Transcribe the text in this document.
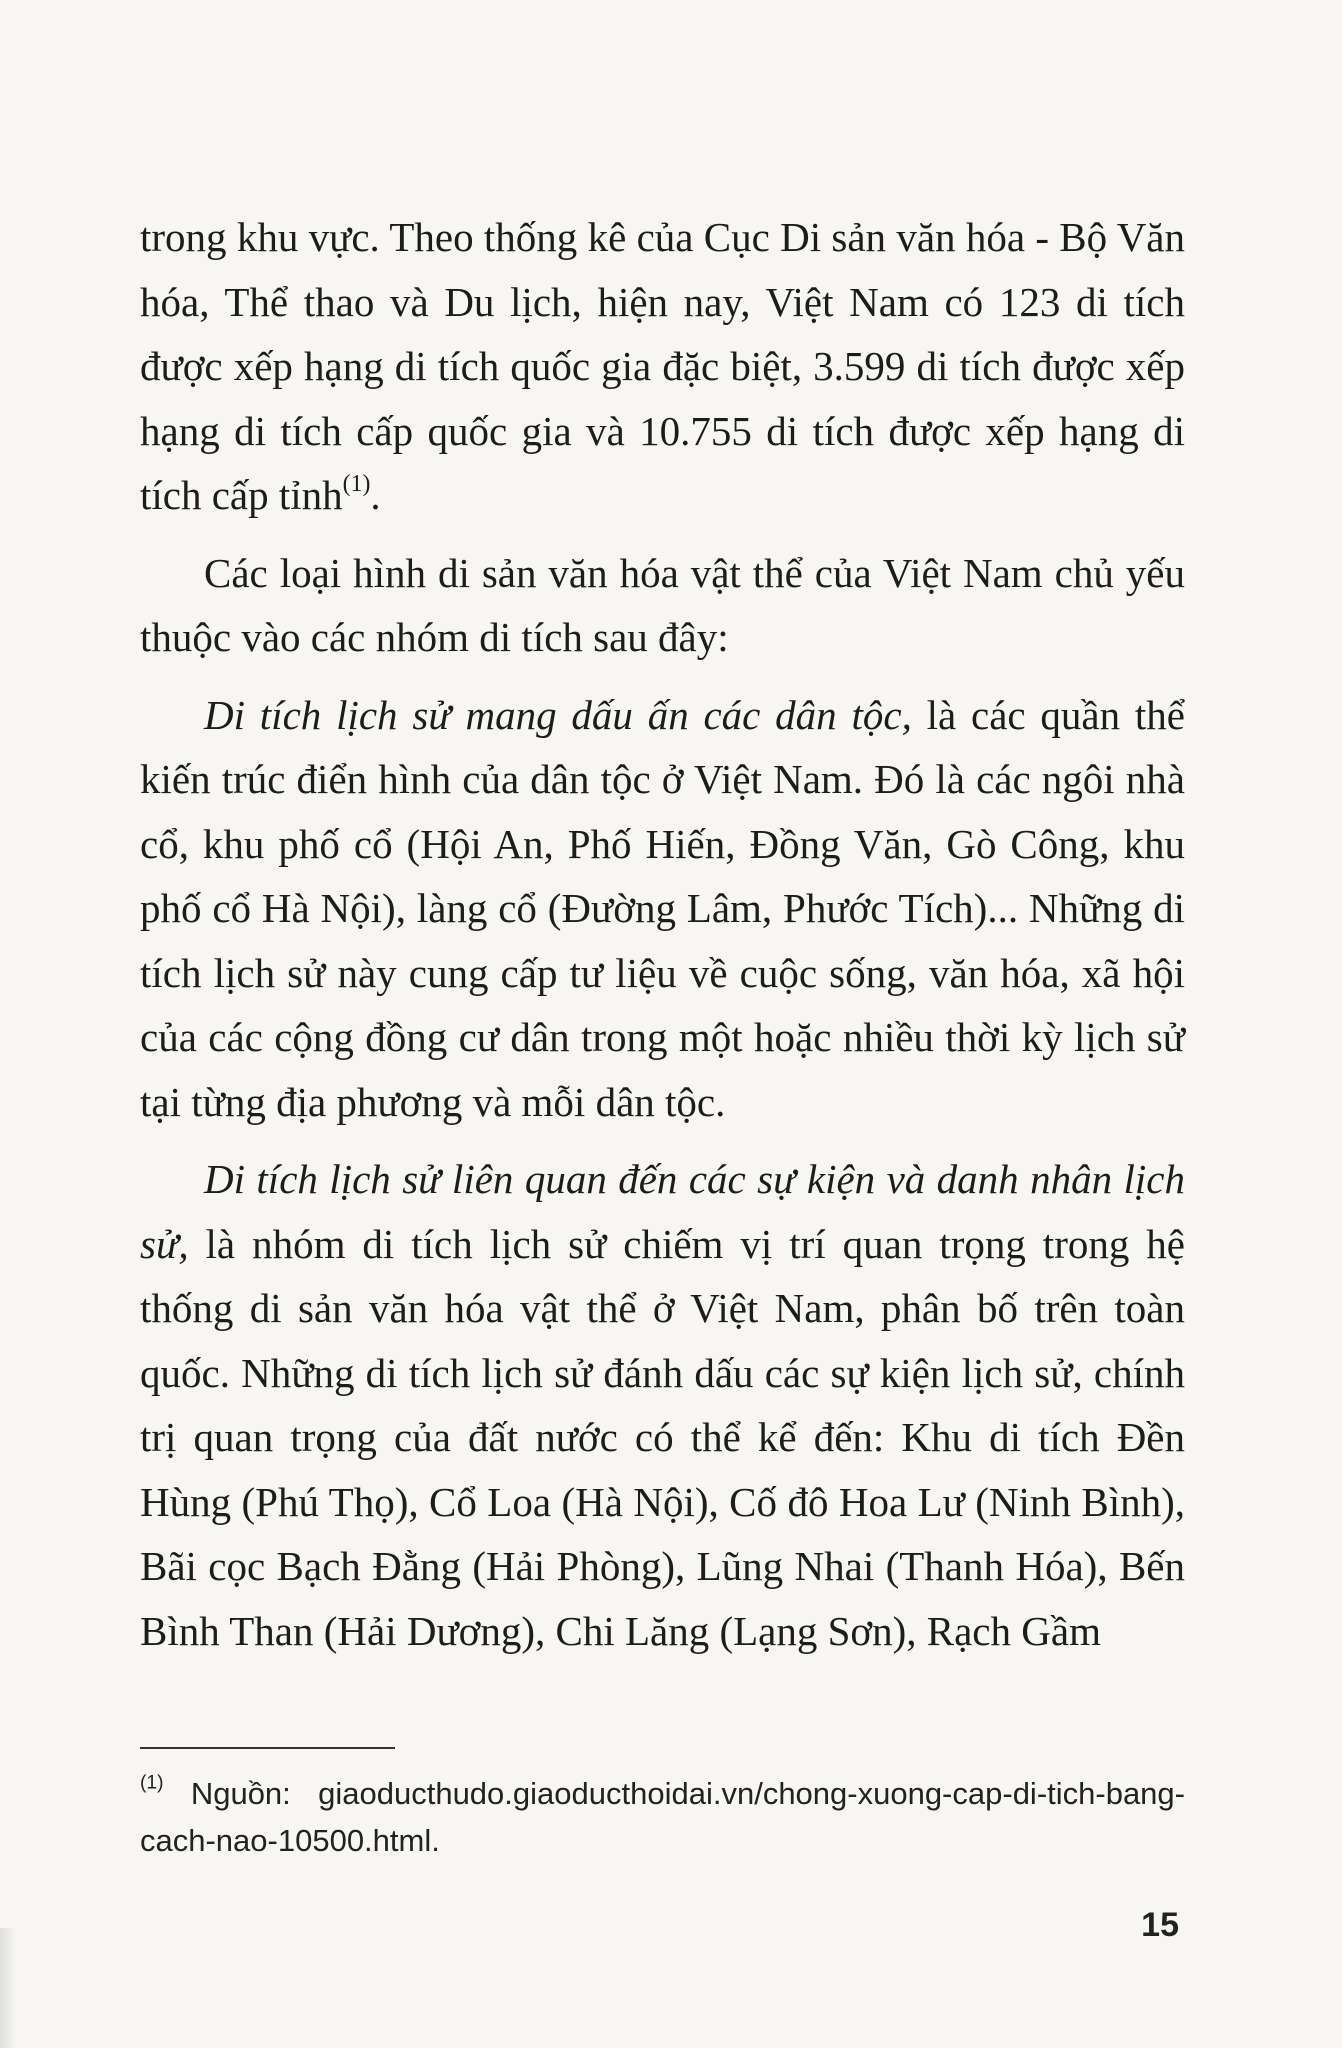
trong khu vực. Theo thống kê của Cục Di sản văn hóa - Bộ Văn hóa, Thể thao và Du lịch, hiện nay, Việt Nam có 123 di tích được xếp hạng di tích quốc gia đặc biệt, 3.599 di tích được xếp hạng di tích cấp quốc gia và 10.755 di tích được xếp hạng di tích cấp tỉnh$^{(1)}$.

Các loại hình di sản văn hóa vật thể của Việt Nam chủ yếu thuộc vào các nhóm di tích sau đây:

Di tích lịch sử mang dấu ấn các dân tộc, là các quần thể kiến trúc điển hình của dân tộc ở Việt Nam. Đó là các ngôi nhà cổ, khu phố cổ (Hội An, Phố Hiến, Đồng Văn, Gò Công, khu phố cổ Hà Nội), làng cổ (Đường Lâm, Phước Tích)... Những di tích lịch sử này cung cấp tư liệu về cuộc sống, văn hóa, xã hội của các cộng đồng cư dân trong một hoặc nhiều thời kỳ lịch sử tại từng địa phương và mỗi dân tộc.

Di tích lịch sử liên quan đến các sự kiện và danh nhân lịch sử, là nhóm di tích lịch sử chiếm vị trí quan trọng trong hệ thống di sản văn hóa vật thể ở Việt Nam, phân bố trên toàn quốc. Những di tích lịch sử đánh dấu các sự kiện lịch sử, chính trị quan trọng của đất nước có thể kể đến: Khu di tích Đền Hùng (Phú Thọ), Cổ Loa (Hà Nội), Cố đô Hoa Lư (Ninh Bình), Bãi cọc Bạch Đằng (Hải Phòng), Lũng Nhai (Thanh Hóa), Bến Bình Than (Hải Dương), Chi Lăng (Lạng Sơn), Rạch Gầm

$^{(1)}$ Nguồn: giaoducthudo.giaoducthoidai.vn/chong-xuong-cap-di-tich-bang-cach-nao-10500.html.
15
